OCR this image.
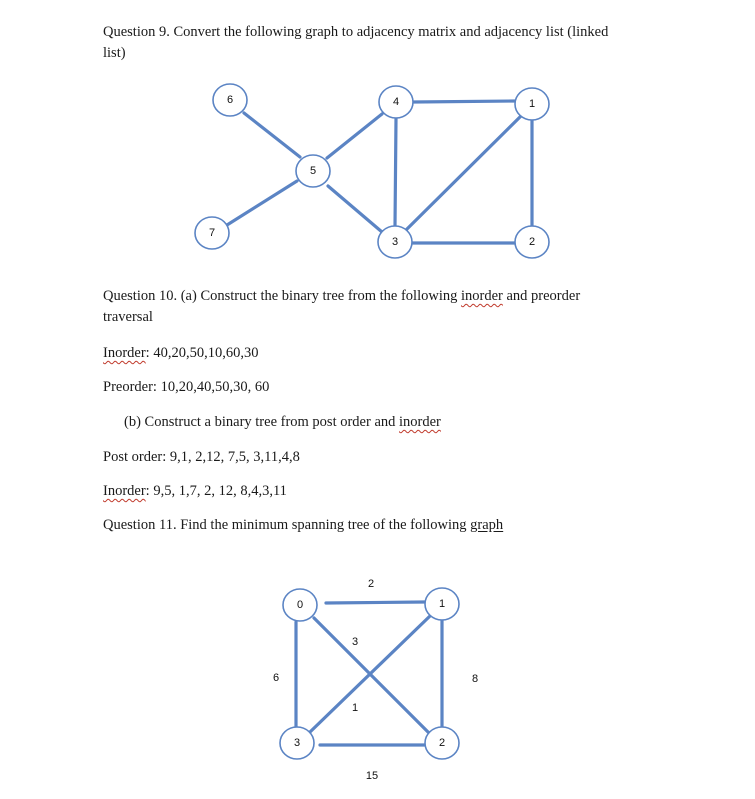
Question 9. Convert the following graph to adjacency matrix and adjacency list (linked
list)
6	4	1
5
7
3	2
Question 10. (a) Construct the binary tree from the following inorder and preorder
traversal
Inorder: 40,20,50,10,60,30
Preorder: 10,20,40,50,30, 60
(b) Construct a binary tree from post order and inorder
Post order: 9,1, 2,12, 7,5, 3,11,4,8
Inorder: 9,5, 1,7, 2, 12, 8,4,3,11
Question 11. Find the minimum spanning tree of the following graph
0	1
3	2
2
3
1
6	8
15
